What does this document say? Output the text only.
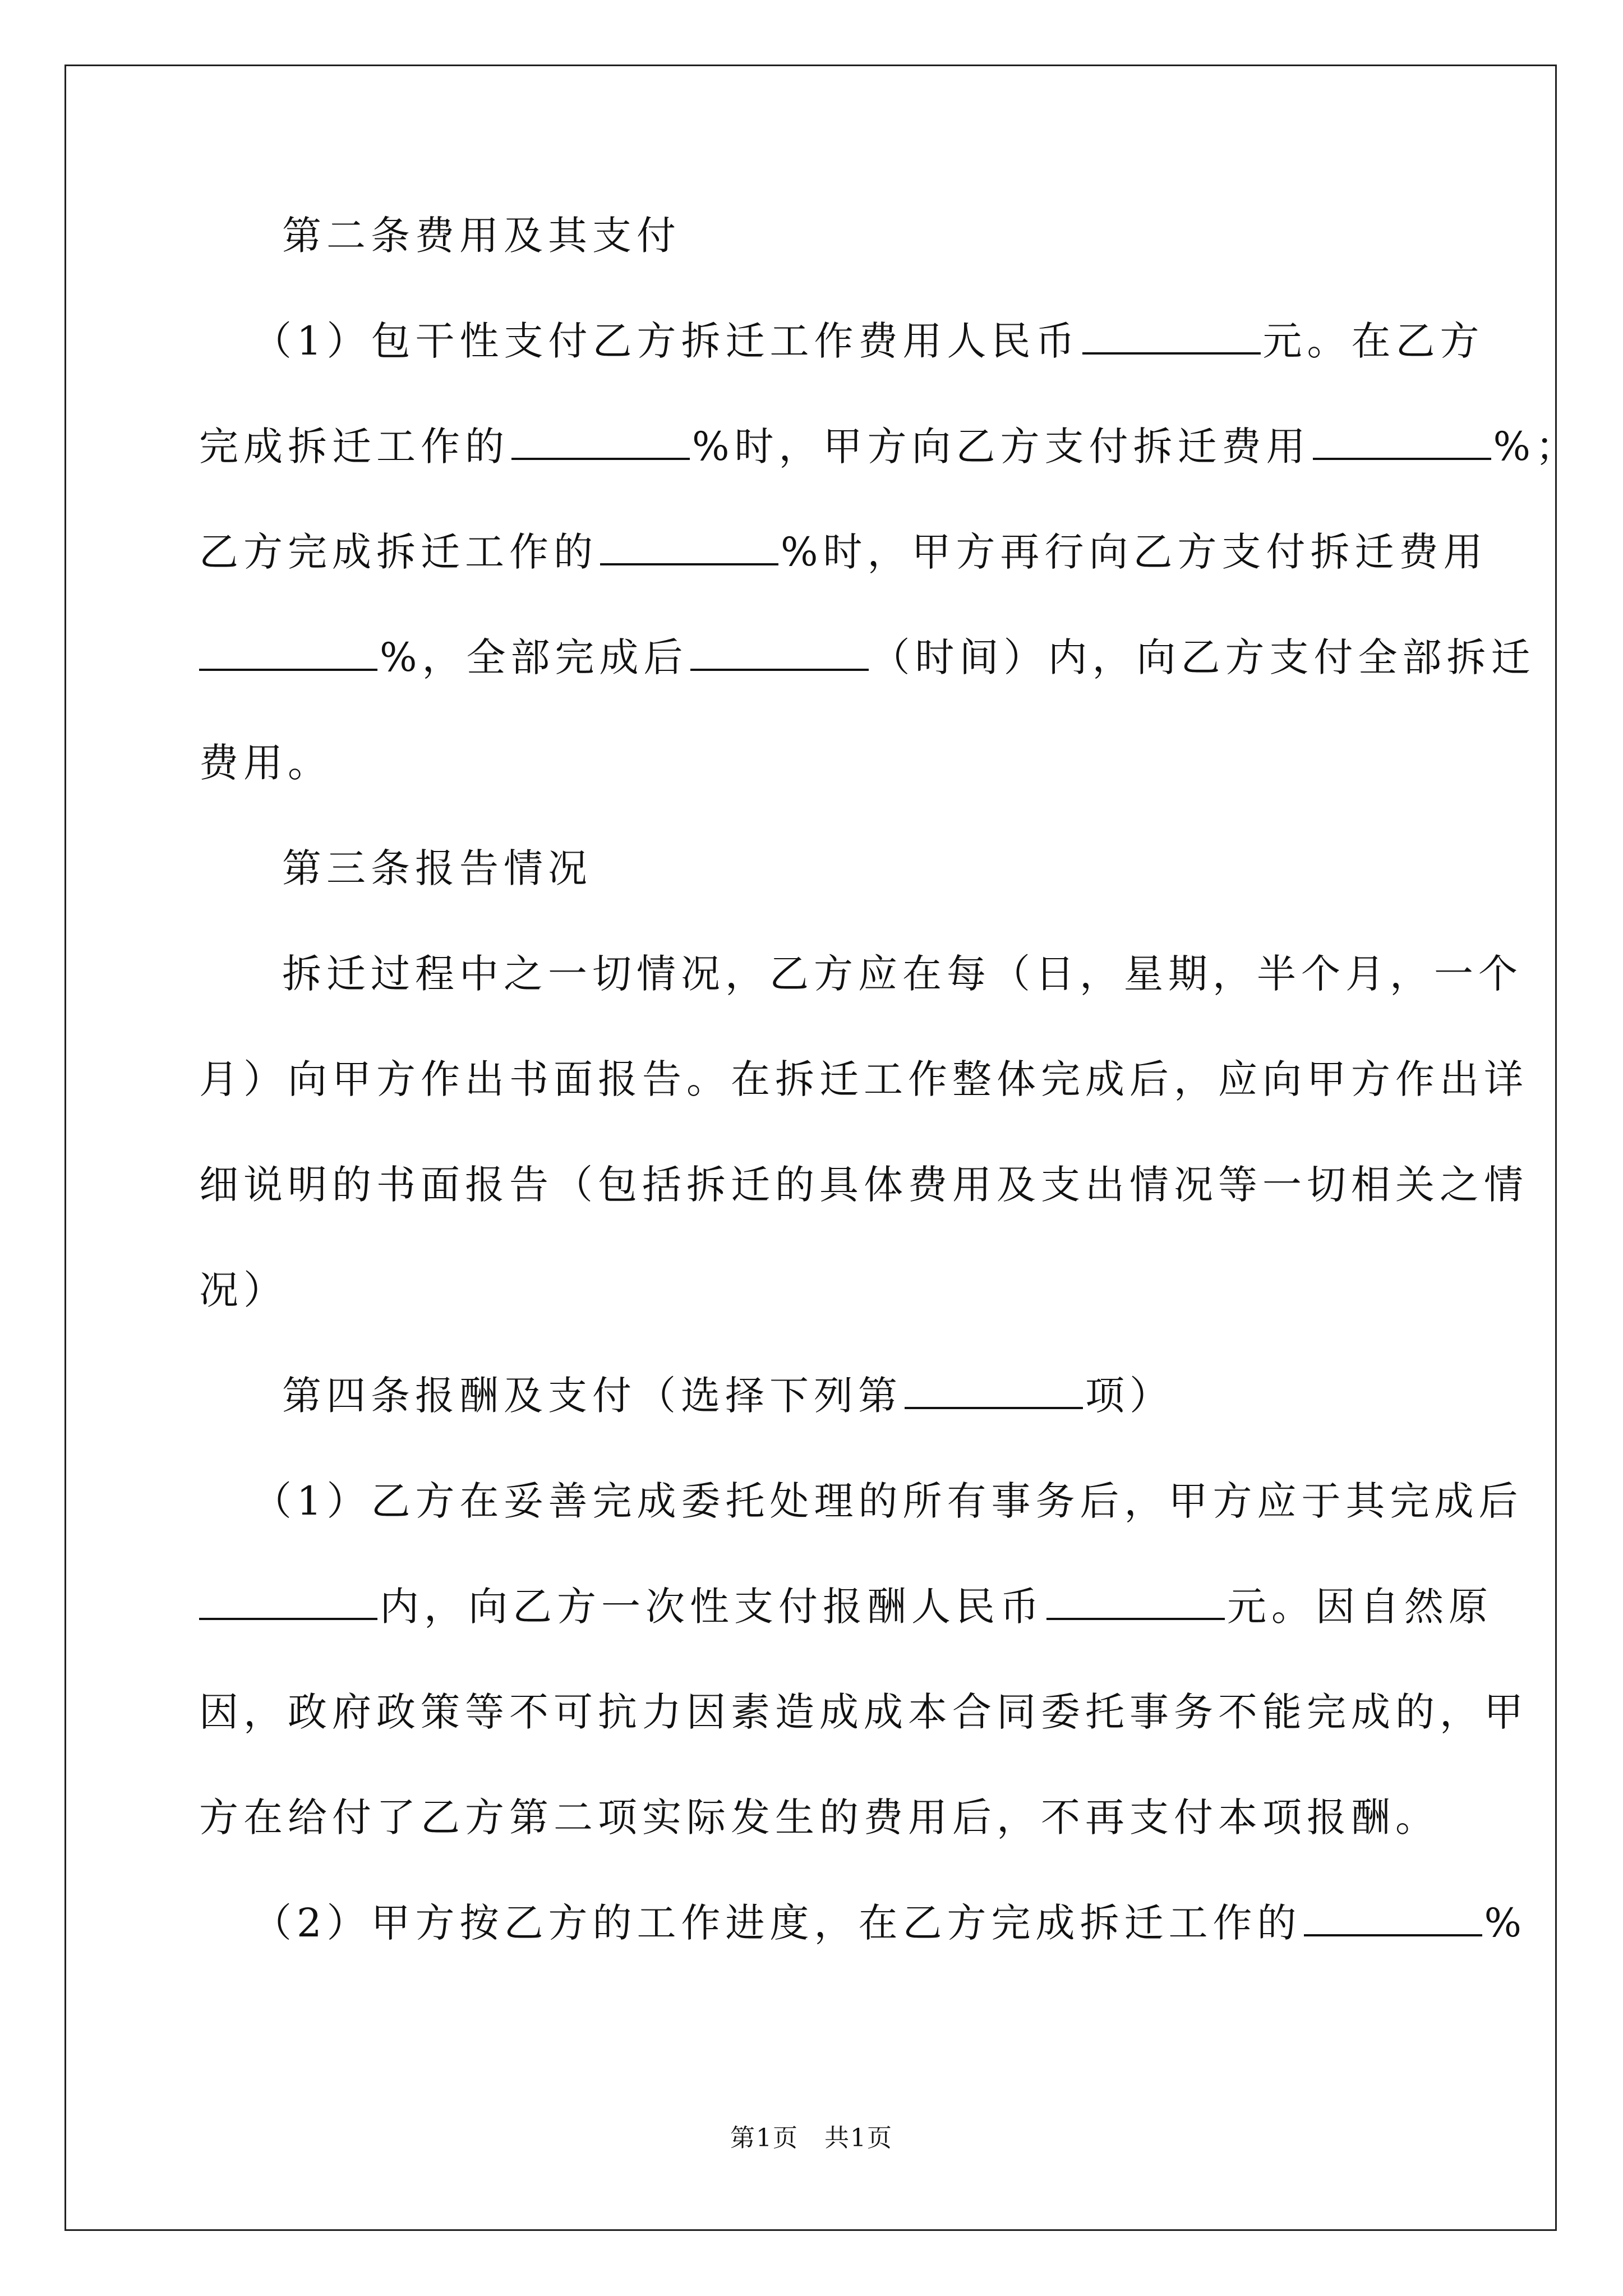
第二条费用及其支付
（1）包干性支付乙方拆迁工作费用人民币	元。在乙方
完成拆迁工作的	%时，甲方向乙方支付拆迁费用	%；
乙方完成拆迁工作的	%时，甲方再行向乙方支付拆迁费用
%，全部完成后	（时间）内，向乙方支付全部拆迁
费用。
第三条报告情况
拆迁过程中之一切情况，乙方应在每（日，星期，半个月，一个
月）向甲方作出书面报告。在拆迁工作整体完成后，应向甲方作出详
细说明的书面报告（包括拆迁的具体费用及支出情况等一切相关之情
况）
第四条报酬及支付（选择下列第	项）
（1）乙方在妥善完成委托处理的所有事务后，甲方应于其完成后
内，向乙方一次性支付报酬人民币	元。因自然原
因，政府政策等不可抗力因素造成成本合同委托事务不能完成的，甲
方在给付了乙方第二项实际发生的费用后，不再支付本项报酬。
（2）甲方按乙方的工作进度，在乙方完成拆迁工作的	%
第1页　共1页
